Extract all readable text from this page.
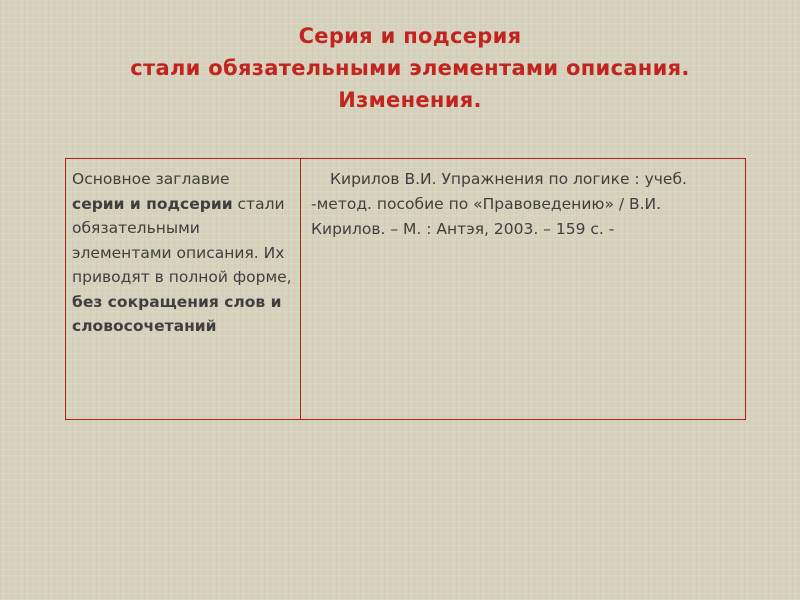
Серия и подсерия
стали обязательными элементами описания.
Изменения.
Основное заглавие
серии и подсерии стали обязательными элементами описания. Их приводят в полной форме, без сокращения слов и словосочетаний
Кирилов В.И. Упражнения по логике : учеб. -метод. пособие по «Правоведению» / В.И. Кирилов. – М. : Антэя, 2003. – 159 с. -
